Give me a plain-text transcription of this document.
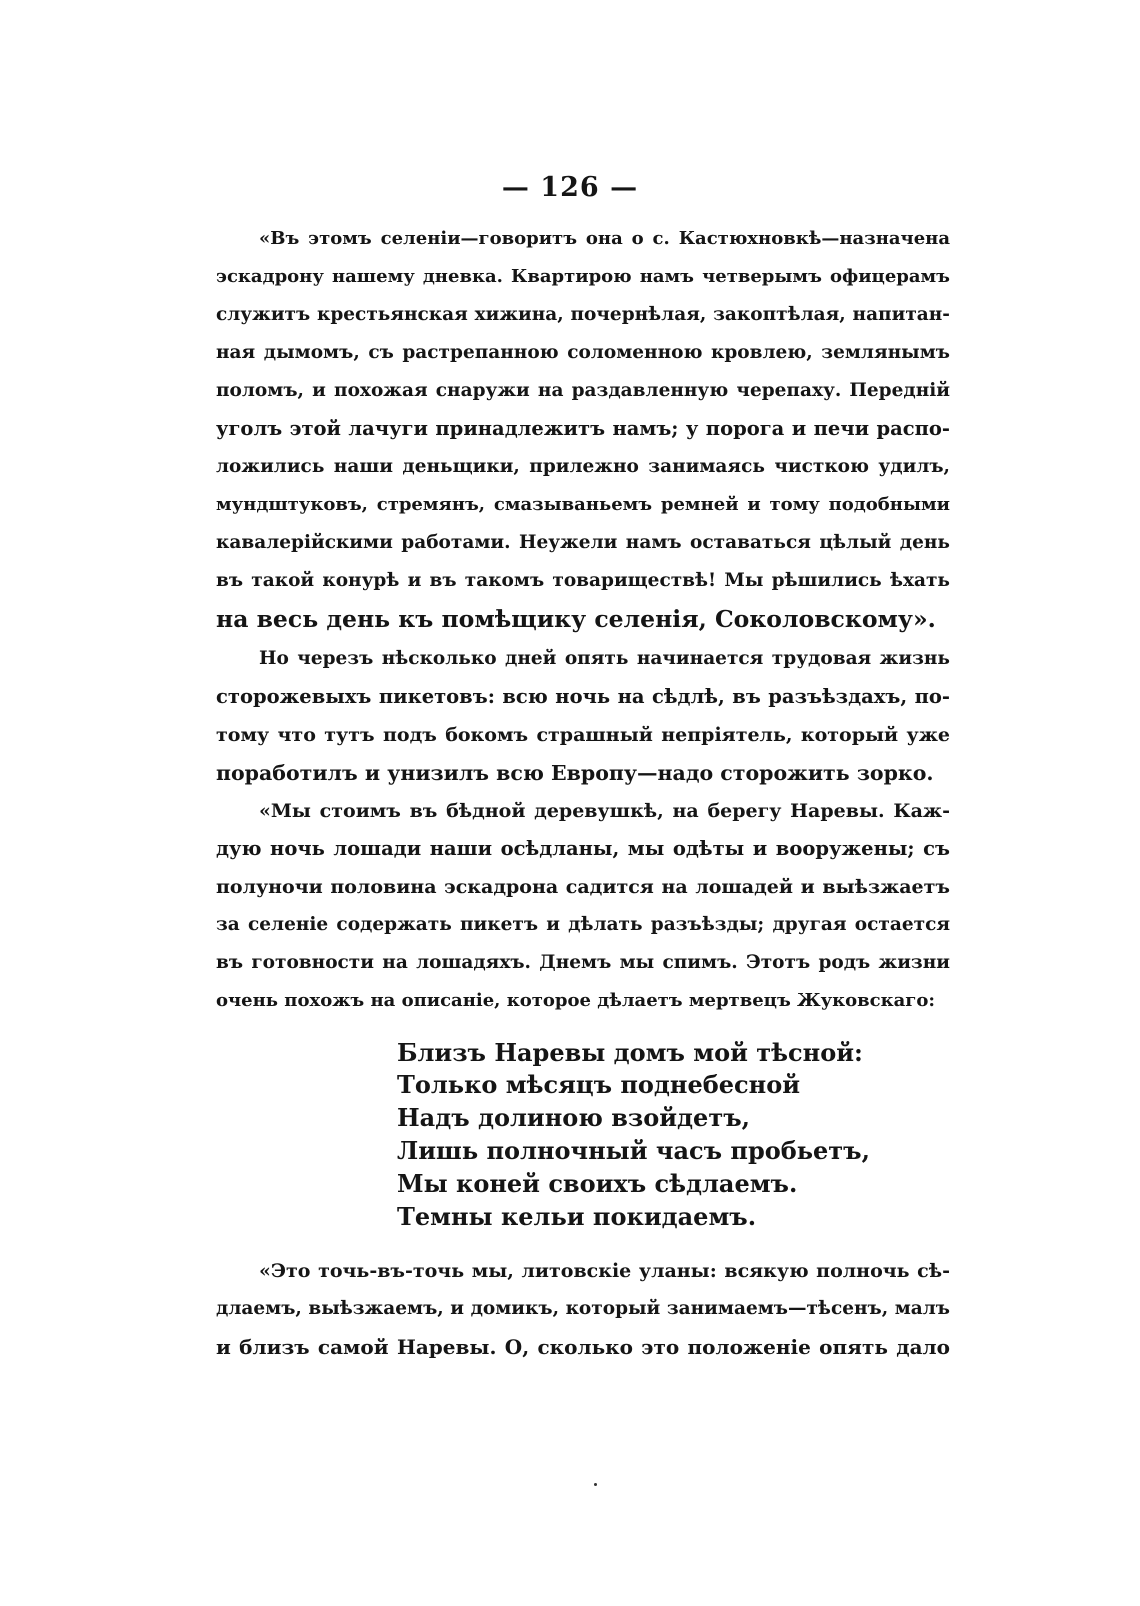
— 126 —
«Въ этомъ селеніи—говоритъ она о с. Кастюхновкѣ—назначена
эскадрону нашему дневка. Квартирою намъ четверымъ офицерамъ
служитъ крестьянская хижина, почернѣлая, закоптѣлая, напитан-
ная дымомъ, съ растрепанною соломенною кровлею, землянымъ
поломъ, и похожая снаружи на раздавленную черепаху. Передній
уголъ этой лачуги принадлежитъ намъ; у порога и печи распо-
ложились наши деньщики, прилежно занимаясь чисткою удилъ,
мундштуковъ, стремянъ, смазываньемъ ремней и тому подобными
кавалерійскими работами. Неужели намъ оставаться цѣлый день
въ такой конурѣ и въ такомъ товариществѣ! Мы рѣшились ѣхать
на весь день къ помѣщику селенія, Соколовскому».
Но черезъ нѣсколько дней опять начинается трудовая жизнь
сторожевыхъ пикетовъ: всю ночь на сѣдлѣ, въ разъѣздахъ, по-
тому что тутъ подъ бокомъ страшный непріятель, который уже
поработилъ и унизилъ всю Европу—надо сторожить зорко.
«Мы стоимъ въ бѣдной деревушкѣ, на берегу Наревы. Каж-
дую ночь лошади наши осѣдланы, мы одѣты и вооружены; съ
полуночи половина эскадрона садится на лошадей и выѣзжаетъ
за селеніе содержать пикетъ и дѣлать разъѣзды; другая остается
въ готовности на лошадяхъ. Днемъ мы спимъ. Этотъ родъ жизни
очень похожъ на описаніе, которое дѣлаетъ мертвецъ Жуковскаго:
Близъ Наревы домъ мой тѣсной:
Только мѣсяцъ поднебесной
Надъ долиною взойдетъ,
Лишь полночный часъ пробьетъ,
Мы коней своихъ сѣдлаемъ.
Темны кельи покидаемъ.
«Это точь-въ-точь мы, литовскіе уланы: всякую полночь сѣ-
длаемъ, выѣзжаемъ, и домикъ, который занимаемъ—тѣсенъ, малъ
и близъ самой Наревы. О, сколько это положеніе опять дало
